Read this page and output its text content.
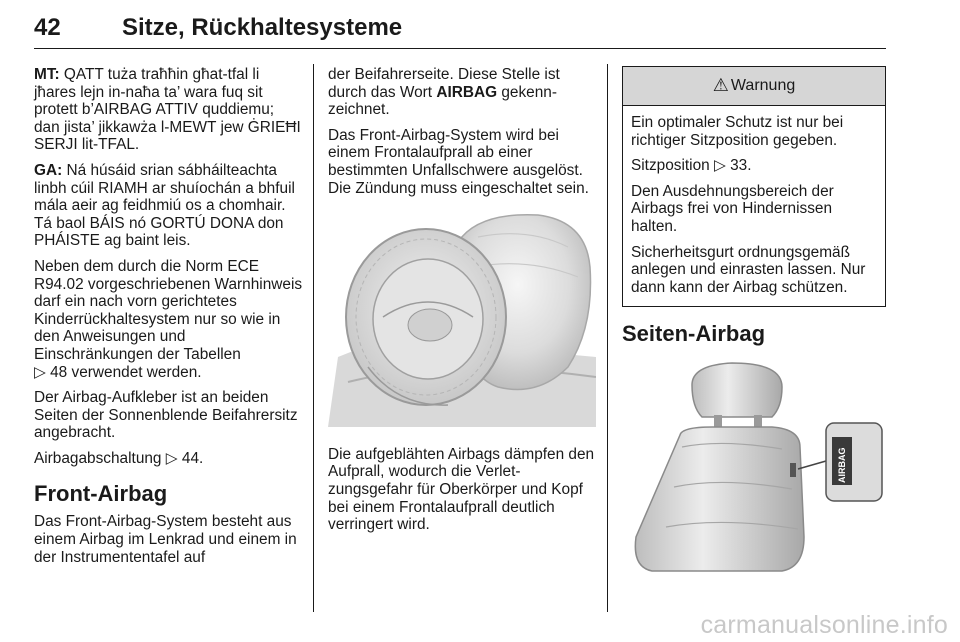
42	Sitze, Rückhaltesysteme

MT: QATT tuża traħħin għat-tfal li jħares lejn in-naħa ta’ wara fuq sit protett b’AIRBAG ATTIV quddiemu; dan jista’ jikkawża l-MEWT jew ĠRIEĦI SERJI lit-TFAL.

GA: Ná húsáid srian sábháilteachta linbh cúil RIAMH ar shuíochán a bhfuil mála aeir ag feidhmiú os a chomhair. Tá baol BÁIS nó GORTÚ DONA don PHÁISTE ag baint leis.

Neben dem durch die Norm ECE R94.02 vorgeschriebenen Warnhinweis darf ein nach vorn gerichtetes Kinderrückhaltesystem nur so wie in den Anweisungen und Einschränkungen der Tabellen
▷ 48 verwendet werden.

Der Airbag-Aufkleber ist an beiden Seiten der Sonnenblende Beifahrersitz angebracht.

Airbagabschaltung ▷ 44.

Front-Airbag

Das Front-Airbag-System besteht aus einem Airbag im Lenkrad und einem in der Instrumententafel auf

der Beifahrerseite. Diese Stelle ist durch das Wort AIRBAG gekennzeichnet.

Das Front-Airbag-System wird bei einem Frontalaufprall ab einer bestimmten Unfallschwere ausgelöst. Die Zündung muss eingeschaltet sein.

Die aufgeblähten Airbags dämpfen den Aufprall, wodurch die Verletzungsgefahr für Oberkörper und Kopf bei einem Frontalaufprall deutlich verringert wird.

⚠ Warnung

Ein optimaler Schutz ist nur bei richtiger Sitzposition gegeben.

Sitzposition ▷ 33.

Den Ausdehnungsbereich der Airbags frei von Hindernissen halten.

Sicherheitsgurt ordnungsgemäß anlegen und einrasten lassen. Nur dann kann der Airbag schützen.

Seiten-Airbag
AIRBAG
carmanualsonline.info
